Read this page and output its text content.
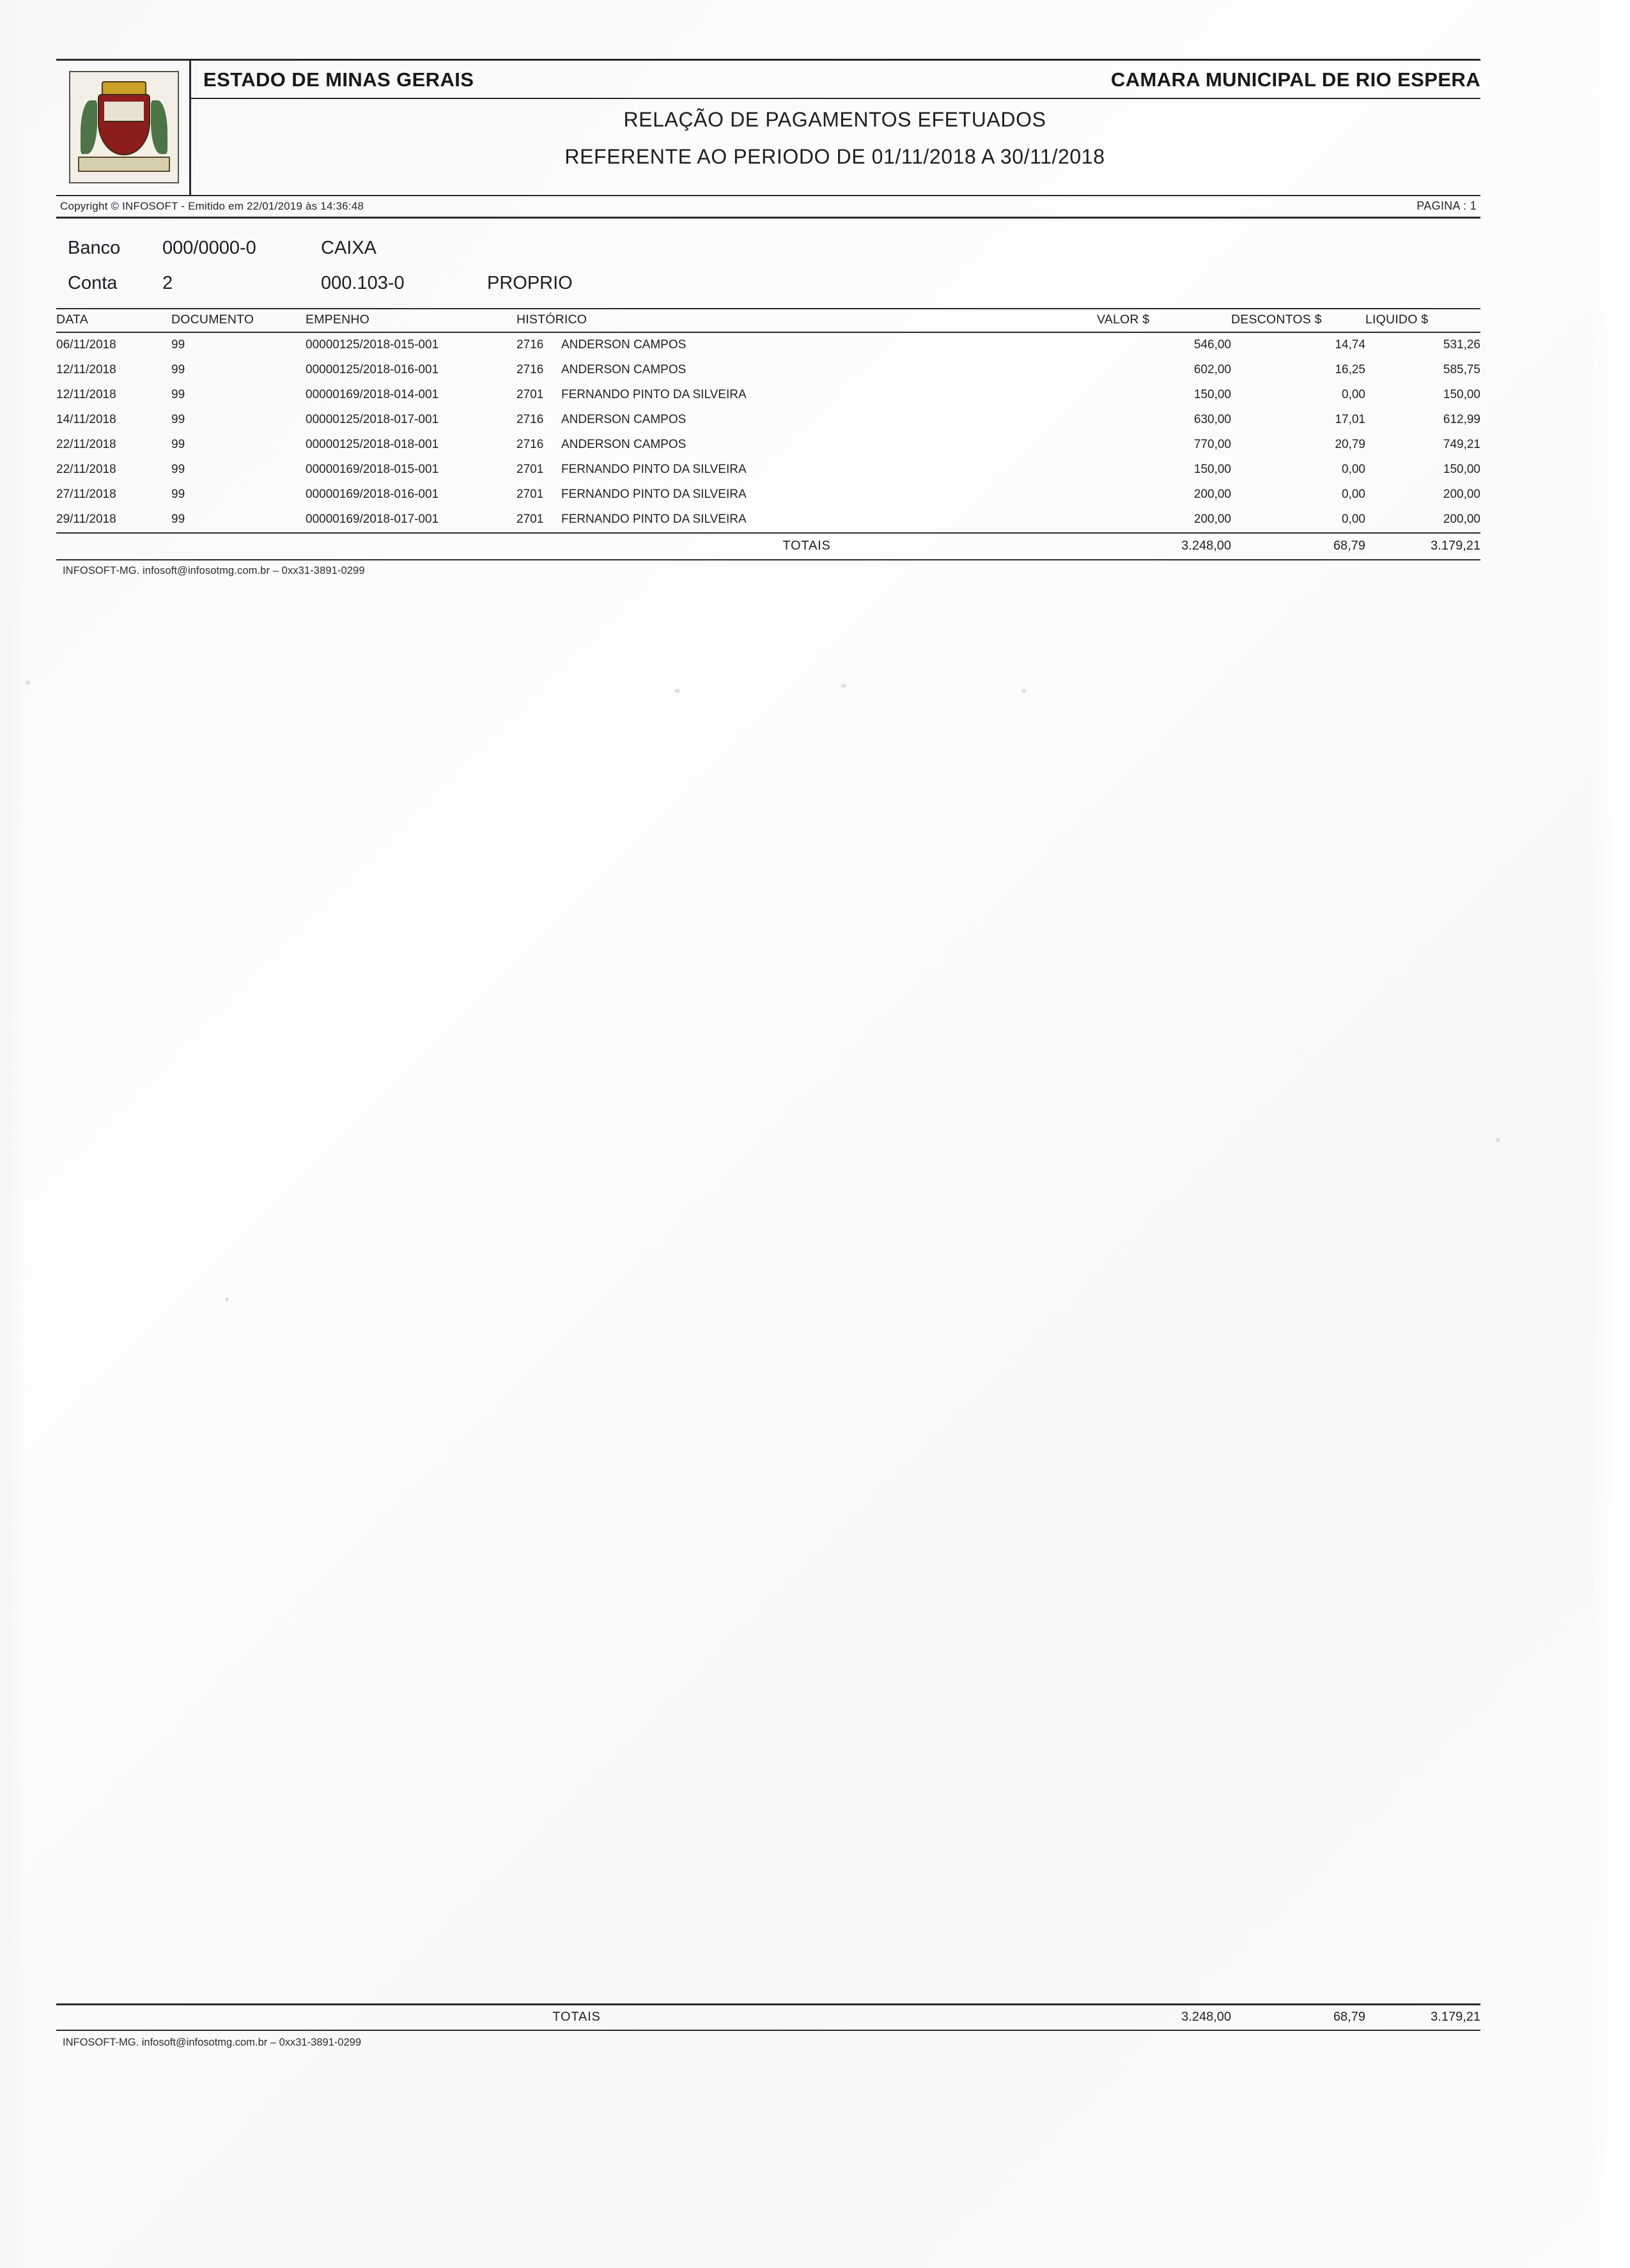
ESTADO DE MINAS GERAIS	CAMARA MUNICIPAL DE RIO ESPERA
RELAÇÃO DE PAGAMENTOS EFETUADOS
REFERENTE AO PERIODO DE 01/11/2018 A 30/11/2018
Copyright © INFOSOFT - Emitido em 22/01/2019 às 14:36:48	PAGINA : 1
Banco	000/0000-0	CAIXA
Conta	2	000.103-0	PROPRIO
DATA	DOCUMENTO	EMPENHO	HISTÓRICO	VALOR $	DESCONTOS $	LIQUIDO $
06/11/2018	99	00000125/2018-015-001	2716 ANDERSON CAMPOS	546,00	14,74	531,26
12/11/2018	99	00000125/2018-016-001	2716 ANDERSON CAMPOS	602,00	16,25	585,75
12/11/2018	99	00000169/2018-014-001	2701 FERNANDO PINTO DA SILVEIRA	150,00	0,00	150,00
14/11/2018	99	00000125/2018-017-001	2716 ANDERSON CAMPOS	630,00	17,01	612,99
22/11/2018	99	00000125/2018-018-001	2716 ANDERSON CAMPOS	770,00	20,79	749,21
22/11/2018	99	00000169/2018-015-001	2701 FERNANDO PINTO DA SILVEIRA	150,00	0,00	150,00
27/11/2018	99	00000169/2018-016-001	2701 FERNANDO PINTO DA SILVEIRA	200,00	0,00	200,00
29/11/2018	99	00000169/2018-017-001	2701 FERNANDO PINTO DA SILVEIRA	200,00	0,00	200,00
			TOTAIS	3.248,00	68,79	3.179,21
INFOSOFT-MG. infosoft@infosotmg.com.br – 0xx31-3891-0299
	TOTAIS		3.248,00	68,79	3.179,21
INFOSOFT-MG. infosoft@infosotmg.com.br – 0xx31-3891-0299
